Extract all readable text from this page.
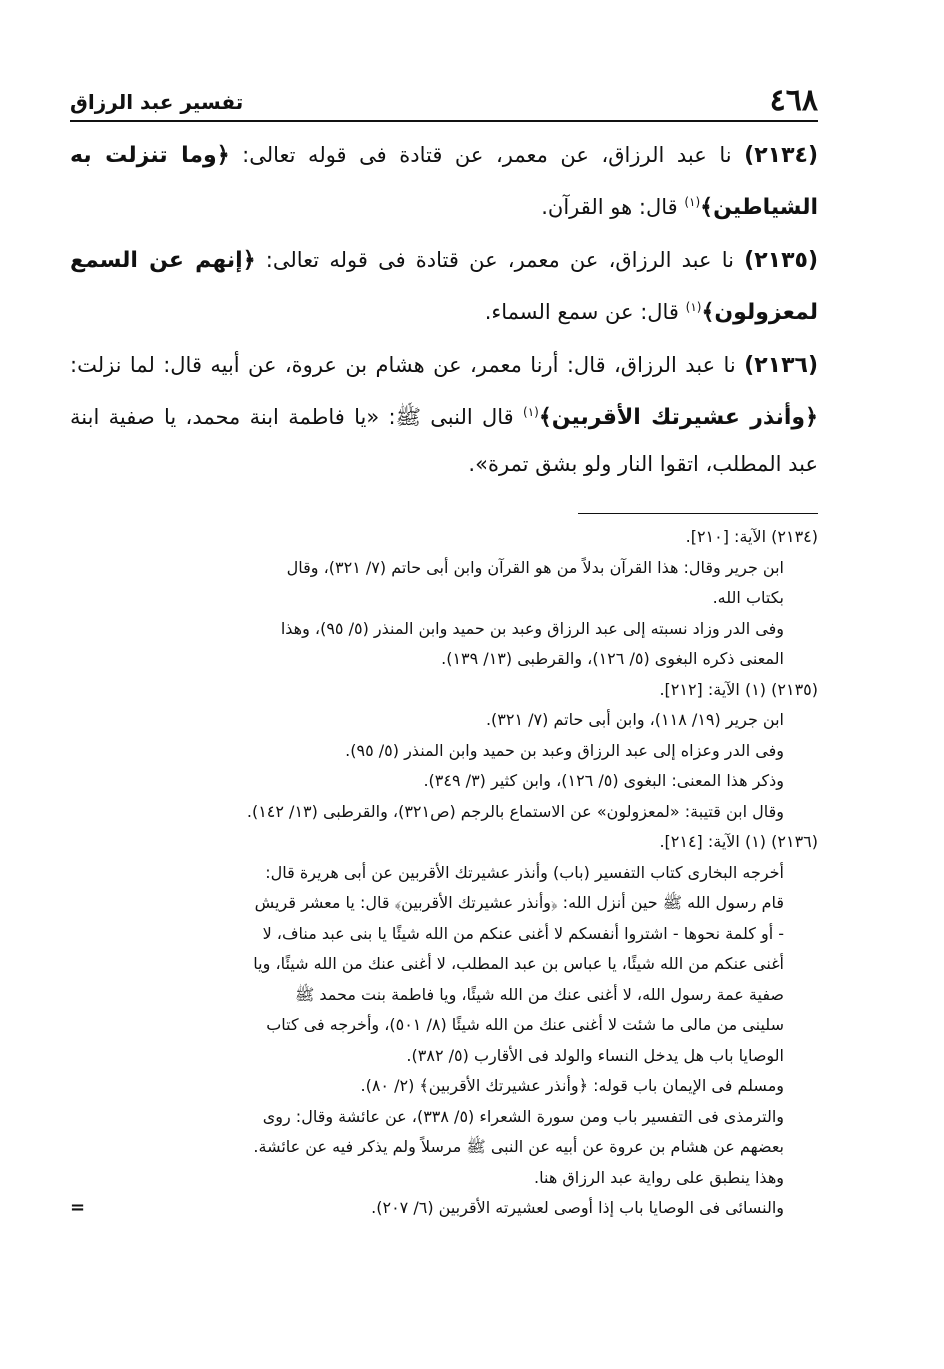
٤٦٨
تفسير عبد الرزاق

(٢١٣٤) نا عبد الرزاق، عن معمر، عن قتادة فى قوله تعالى: ﴿وما تنزلت به الشياطين﴾$^{(١)}$ قال: هو القرآن.

(٢١٣٥) نا عبد الرزاق، عن معمر، عن قتادة فى قوله تعالى: ﴿إنهم عن السمع لمعزولون﴾$^{(١)}$ قال: عن سمع السماء.

(٢١٣٦) نا عبد الرزاق، قال: أرنا معمر، عن هشام بن عروة، عن أبيه قال: لما نزلت: ﴿وأنذر عشيرتك الأقربين﴾$^{(١)}$ قال النبى ﷺ: «يا فاطمة ابنة محمد، يا صفية ابنة عبد المطلب، اتقوا النار ولو بشق تمرة».

(٢١٣٤) الآية: [٢١٠].

ابن جرير وقال: هذا القرآن بدلاً من هو القرآن وابن أبى حاتم (٧/ ٣٢١)، وقال

بكتاب الله.

وفى الدر وزاد نسبته إلى عبد الرزاق وعبد بن حميد وابن المنذر (٥/ ٩٥)، وهذا

المعنى ذكره البغوى (٥/ ١٢٦)، والقرطبى (١٣/ ١٣٩).

(٢١٣٥) (١) الآية: [٢١٢].

ابن جرير (١٩/ ١١٨)، وابن أبى حاتم (٧/ ٣٢١).

وفى الدر وعزاه إلى عبد الرزاق وعبد بن حميد وابن المنذر (٥/ ٩٥).

وذكر هذا المعنى: البغوى (٥/ ١٢٦)، وابن كثير (٣/ ٣٤٩).

وقال ابن قتيبة: «لمعزولون» عن الاستماع بالرجم (ص٣٢١)، والقرطبى (١٣/ ١٤٢).

(٢١٣٦) (١) الآية: [٢١٤].

أخرجه البخارى كتاب التفسير (باب) وأنذر عشيرتك الأقربين عن أبى هريرة قال:

قام رسول الله ﷺ حين أنزل الله: ﴿وأنذر عشيرتك الأقربين﴾ قال: يا معشر قريش

- أو كلمة نحوها - اشتروا أنفسكم لا أغنى عنكم من الله شيئًا يا بنى عبد مناف، لا

أغنى عنكم من الله شيئًا، يا عباس بن عبد المطلب، لا أغنى عنك من الله شيئًا، ويا

صفية عمة رسول الله، لا أغنى عنك من الله شيئًا، ويا فاطمة بنت محمد ﷺ

سلينى من مالى ما شئت لا أغنى عنك من الله شيئًا (٨/ ٥٠١)، وأخرجه فى كتاب

الوصايا باب هل يدخل النساء والولد فى الأقارب (٥/ ٣٨٢).

ومسلم فى الإيمان باب قوله: ﴿وأنذر عشيرتك الأقربين﴾ (٢/ ٨٠).

والترمذى فى التفسير باب ومن سورة الشعراء (٥/ ٣٣٨)، عن عائشة وقال: روى

بعضهم عن هشام بن عروة عن أبيه عن النبى ﷺ مرسلاً ولم يذكر فيه عن عائشة.

وهذا ينطبق على رواية عبد الرزاق هنا.

والنسائى فى الوصايا باب إذا أوصى لعشيرته الأقربين (٦/ ٢٠٧).
=
